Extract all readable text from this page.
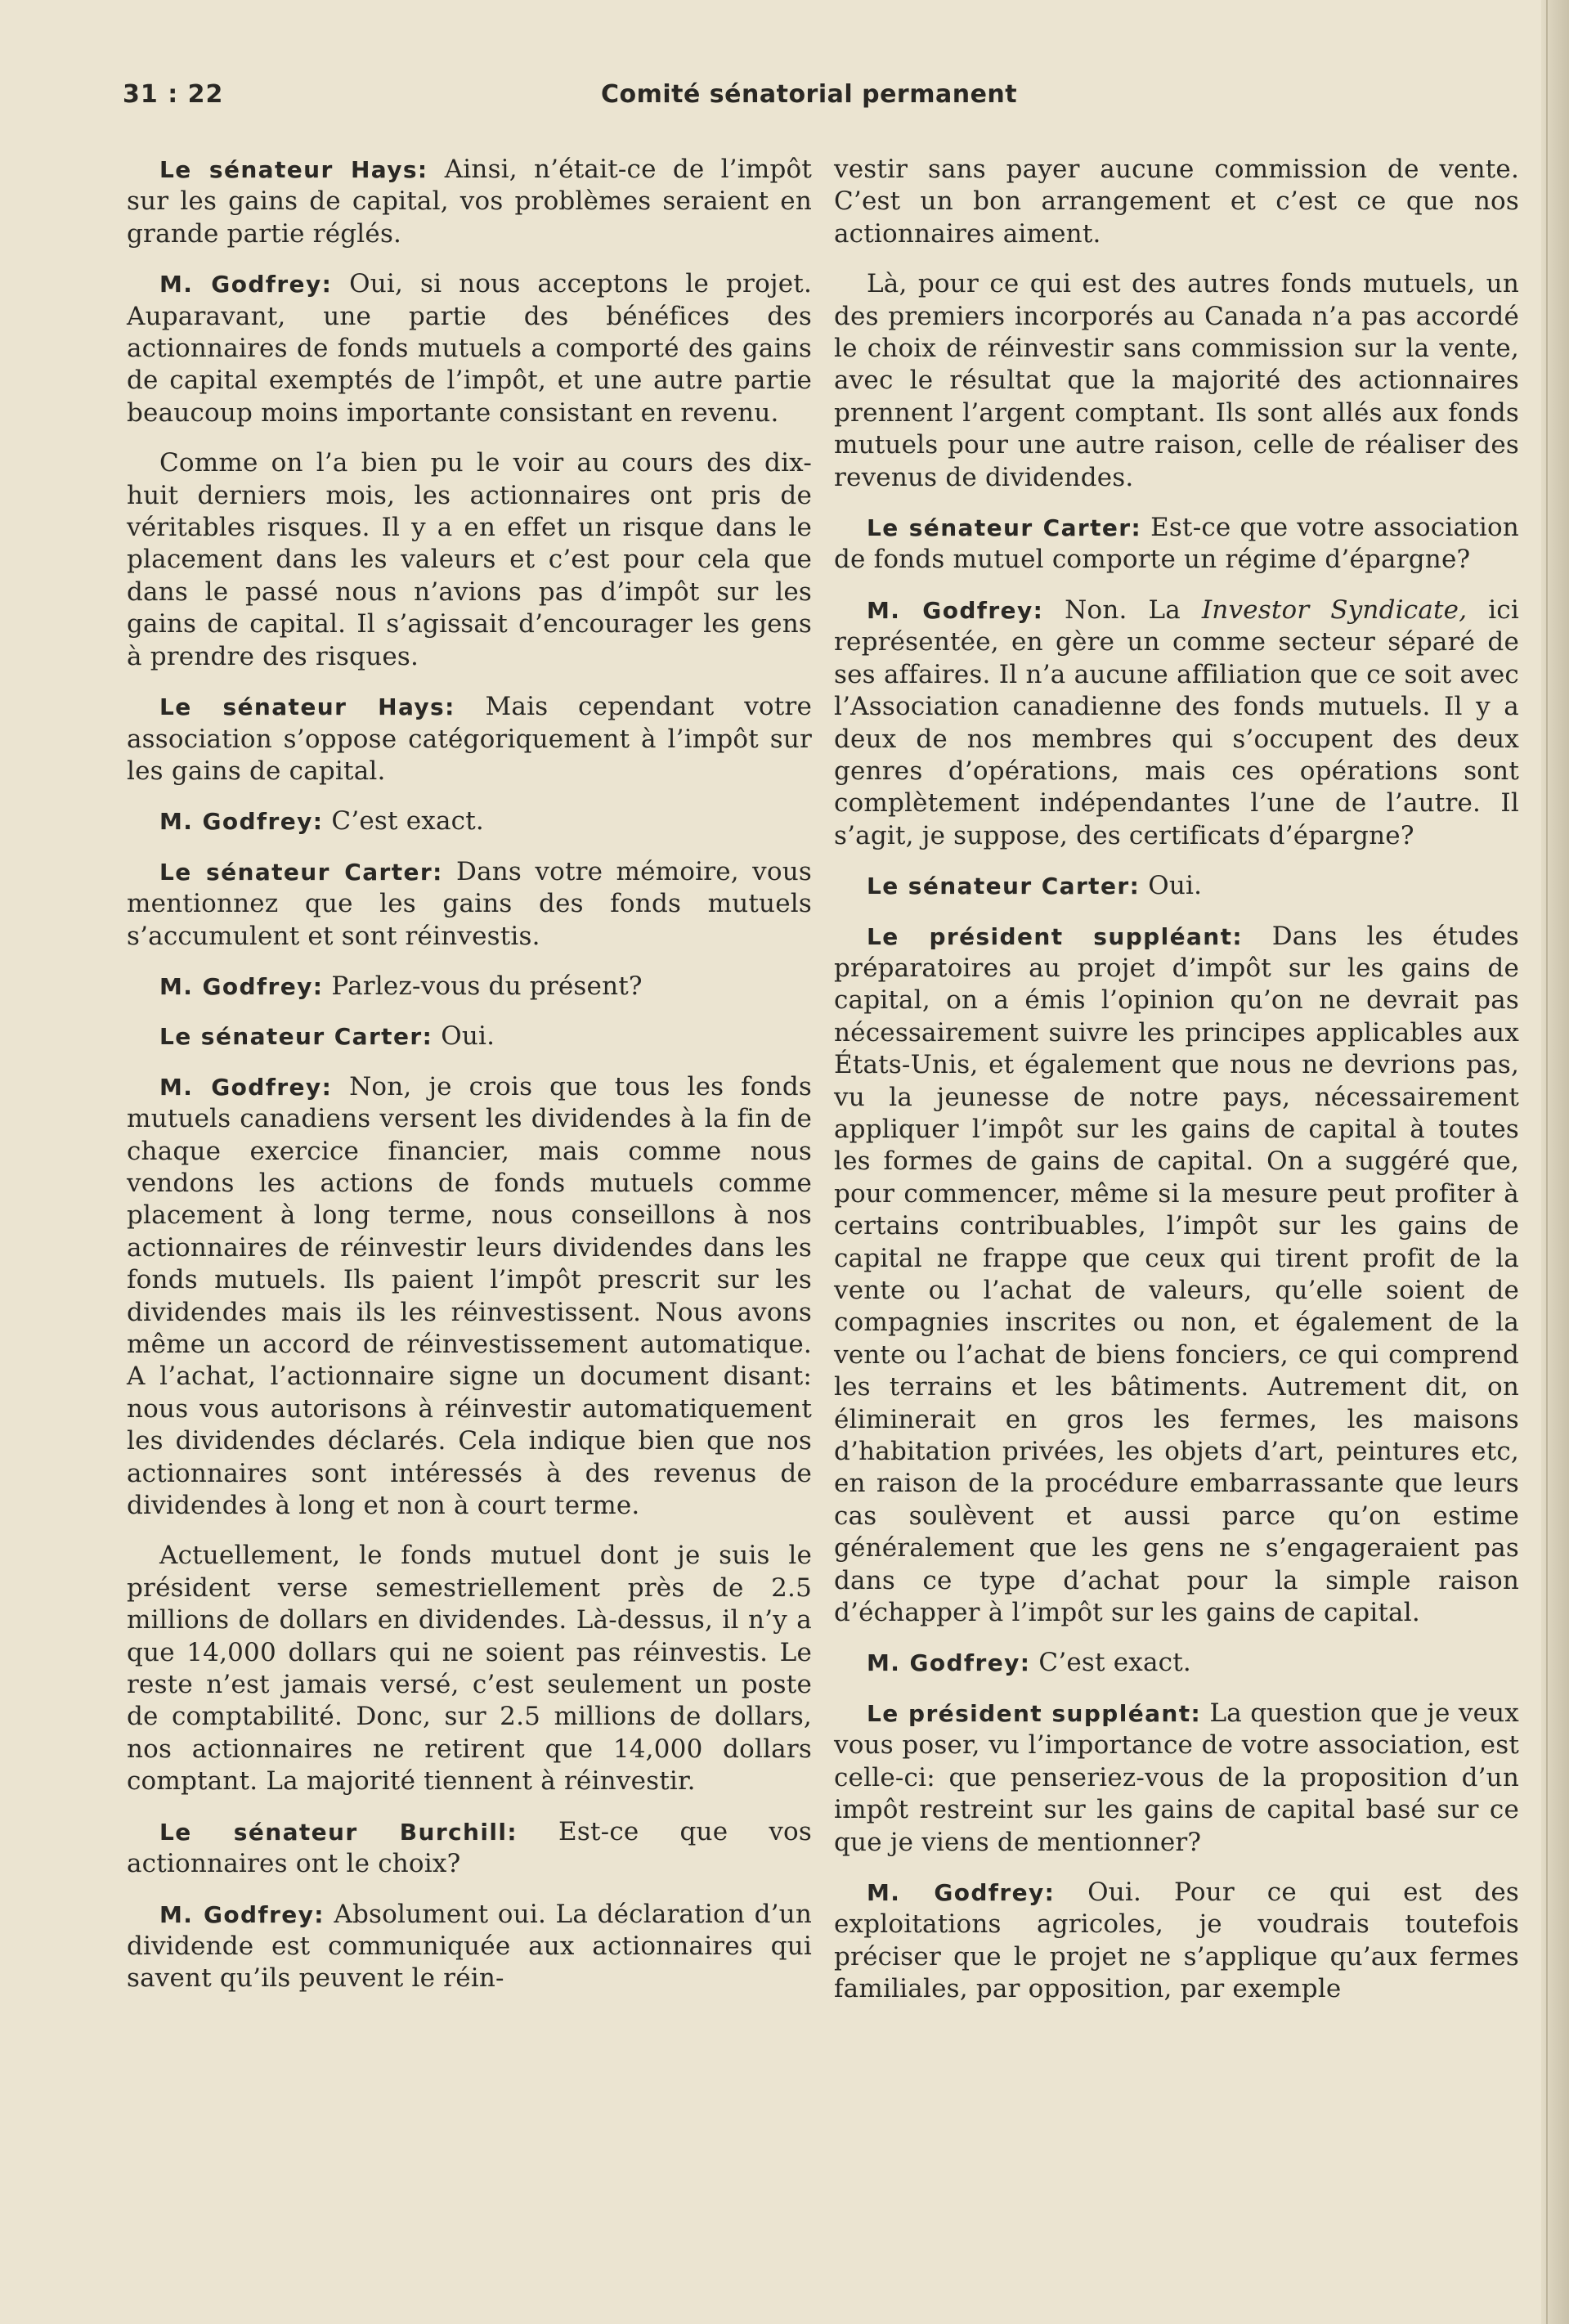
31 : 22	Comité sénatorial permanent

Le sénateur Hays: Ainsi, n’était-ce de l’impôt sur les gains de capital, vos problèmes seraient en grande partie réglés.

M. Godfrey: Oui, si nous acceptons le projet. Auparavant, une partie des bénéfices des actionnaires de fonds mutuels a comporté des gains de capital exemptés de l’impôt, et une autre partie beaucoup moins importante consistant en revenu.

Comme on l’a bien pu le voir au cours des dix-huit derniers mois, les actionnaires ont pris de véritables risques. Il y a en effet un risque dans le placement dans les valeurs et c’est pour cela que dans le passé nous n’avions pas d’impôt sur les gains de capital. Il s’agissait d’encourager les gens à prendre des risques.

Le sénateur Hays: Mais cependant votre association s’oppose catégoriquement à l’impôt sur les gains de capital.

M. Godfrey: C’est exact.

Le sénateur Carter: Dans votre mémoire, vous mentionnez que les gains des fonds mutuels s’accumulent et sont réinvestis.

M. Godfrey: Parlez-vous du présent?

Le sénateur Carter: Oui.

M. Godfrey: Non, je crois que tous les fonds mutuels canadiens versent les dividendes à la fin de chaque exercice financier, mais comme nous vendons les actions de fonds mutuels comme placement à long terme, nous conseillons à nos actionnaires de réinvestir leurs dividendes dans les fonds mutuels. Ils paient l’impôt prescrit sur les dividendes mais ils les réinvestissent. Nous avons même un accord de réinvestissement automatique. A l’achat, l’actionnaire signe un document disant: nous vous autorisons à réinvestir automatiquement les dividendes déclarés. Cela indique bien que nos actionnaires sont intéressés à des revenus de dividendes à long et non à court terme.

Actuellement, le fonds mutuel dont je suis le président verse semestriellement près de 2.5 millions de dollars en dividendes. Là-dessus, il n’y a que 14,000 dollars qui ne soient pas réinvestis. Le reste n’est jamais versé, c’est seulement un poste de comptabilité. Donc, sur 2.5 millions de dollars, nos actionnaires ne retirent que 14,000 dollars comptant. La majorité tiennent à réinvestir.

Le sénateur Burchill: Est-ce que vos actionnaires ont le choix?

M. Godfrey: Absolument oui. La déclaration d’un dividende est communiquée aux actionnaires qui savent qu’ils peuvent le réin-

vestir sans payer aucune commission de vente. C’est un bon arrangement et c’est ce que nos actionnaires aiment.

Là, pour ce qui est des autres fonds mutuels, un des premiers incorporés au Canada n’a pas accordé le choix de réinvestir sans commission sur la vente, avec le résultat que la majorité des actionnaires prennent l’argent comptant. Ils sont allés aux fonds mutuels pour une autre raison, celle de réaliser des revenus de dividendes.

Le sénateur Carter: Est-ce que votre association de fonds mutuel comporte un régime d’épargne?

M. Godfrey: Non. La Investor Syndicate, ici représentée, en gère un comme secteur séparé de ses affaires. Il n’a aucune affiliation que ce soit avec l’Association canadienne des fonds mutuels. Il y a deux de nos membres qui s’occupent des deux genres d’opérations, mais ces opérations sont complètement indépendantes l’une de l’autre. Il s’agit, je suppose, des certificats d’épargne?

Le sénateur Carter: Oui.

Le président suppléant: Dans les études préparatoires au projet d’impôt sur les gains de capital, on a émis l’opinion qu’on ne devrait pas nécessairement suivre les principes applicables aux États-Unis, et également que nous ne devrions pas, vu la jeunesse de notre pays, nécessairement appliquer l’impôt sur les gains de capital à toutes les formes de gains de capital. On a suggéré que, pour commencer, même si la mesure peut profiter à certains contribuables, l’impôt sur les gains de capital ne frappe que ceux qui tirent profit de la vente ou l’achat de valeurs, qu’elle soient de compagnies inscrites ou non, et également de la vente ou l’achat de biens fonciers, ce qui comprend les terrains et les bâtiments. Autrement dit, on éliminerait en gros les fermes, les maisons d’habitation privées, les objets d’art, peintures etc, en raison de la procédure embarrassante que leurs cas soulèvent et aussi parce qu’on estime généralement que les gens ne s’engageraient pas dans ce type d’achat pour la simple raison d’échapper à l’impôt sur les gains de capital.

M. Godfrey: C’est exact.

Le président suppléant: La question que je veux vous poser, vu l’importance de votre association, est celle-ci: que penseriez-vous de la proposition d’un impôt restreint sur les gains de capital basé sur ce que je viens de mentionner?

M. Godfrey: Oui. Pour ce qui est des exploitations agricoles, je voudrais toutefois préciser que le projet ne s’applique qu’aux fermes familiales, par opposition, par exemple
